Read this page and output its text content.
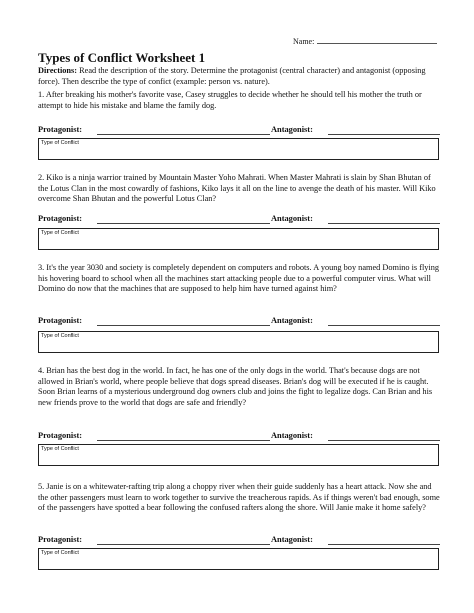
Name:
Types of Conflict Worksheet 1
Directions: Read the description of the story. Determine the protagonist (central character) and antagonist (opposing force). Then describe the type of confict (example: person vs. nature).
1. After breaking his mother's favorite vase, Casey struggles to decide whether he should tell his mother the truth or attempt to hide his mistake and blame the family dog.
Protagonist:	Antagonist:
Type of Conflict
2. Kiko is a ninja warrior trained by Mountain Master Yoho Mahrati. When Master Mahrati is slain by Shan Bhutan of the Lotus Clan in the most cowardly of fashions, Kiko lays it all on the line to avenge the death of his master. Will Kiko overcome Shan Bhutan and the powerful Lotus Clan?
Protagonist:	Antagonist:
Type of Conflict
3. It's the year 3030 and society is completely dependent on computers and robots. A young boy named Domino is flying his hovering board to school when all the machines start attacking people due to a powerful computer virus. What will Domino do now that the machines that are supposed to help him have turned against him?
Protagonist:	Antagonist:
Type of Conflict
4. Brian has the best dog in the world. In fact, he has one of the only dogs in the world. That's because dogs are not allowed in Brian's world, where people believe that dogs spread diseases. Brian's dog will be executed if he is caught. Soon Brian learns of a mysterious underground dog owners club and joins the fight to legalize dogs. Can Brian and his new friends prove to the world that dogs are safe and friendly?
Protagonist:	Antagonist:
Type of Conflict
5. Janie is on a whitewater-rafting trip along a choppy river when their guide suddenly has a heart attack. Now she and the other passengers must learn to work together to survive the treacherous rapids. As if things weren't bad enough, some of the passengers have spotted a bear following the confused rafters along the shore. Will Janie make it home safely?
Protagonist:	Antagonist:
Type of Conflict
